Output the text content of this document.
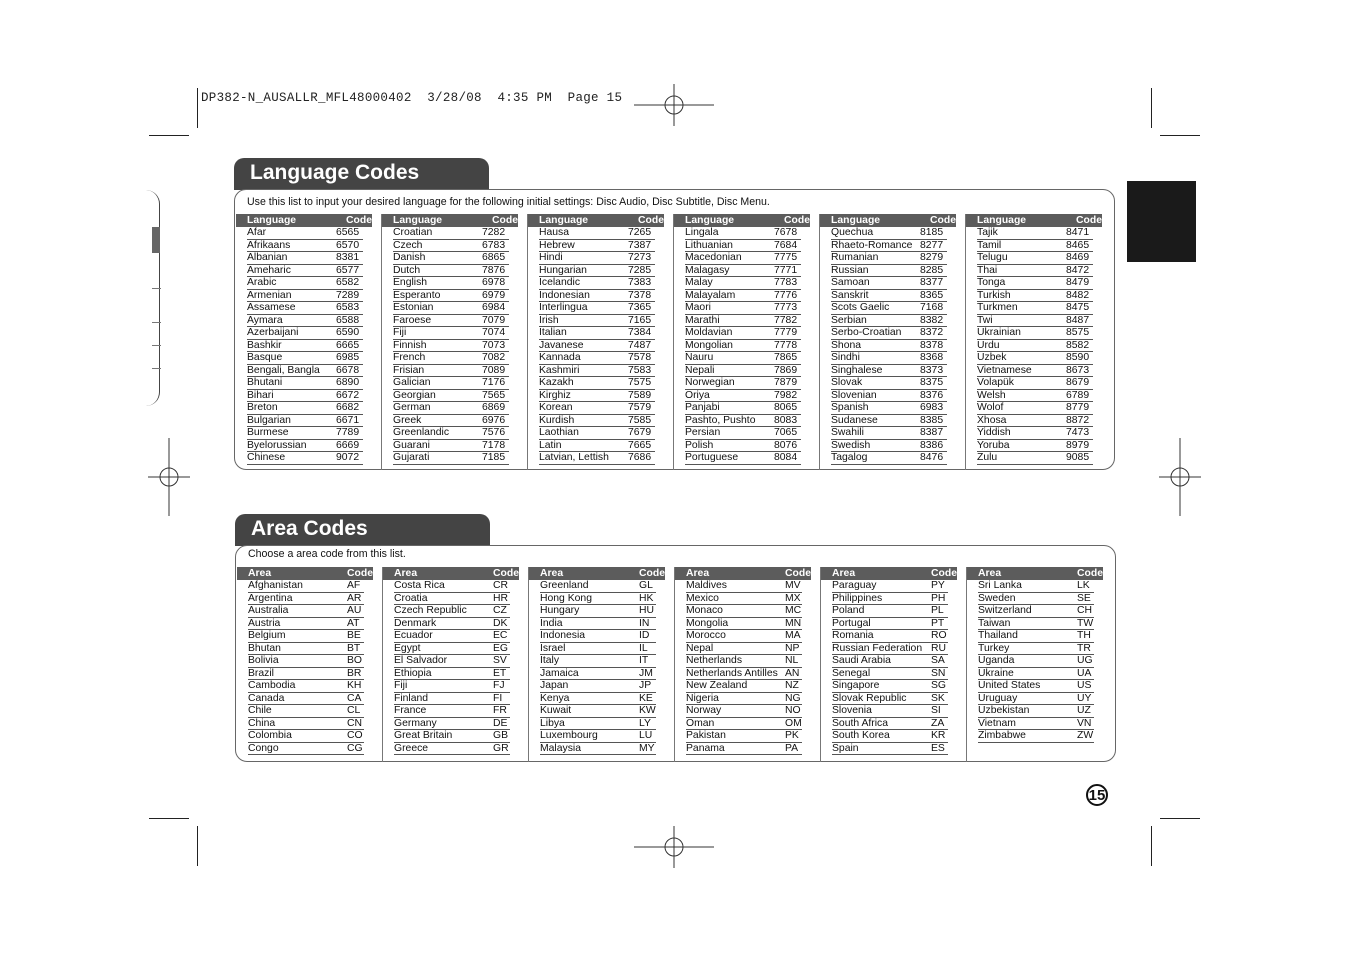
DP382-N_AUSALLR_MFL48000402  3/28/08  4:35 PM  Page 15
Language Codes
Use this list to input your desired language for the following initial settings: Disc Audio, Disc Subtitle, Disc Menu.
Language	Code
Afar	6565
Afrikaans	6570
Albanian	8381
Ameharic	6577
Arabic	6582
Armenian	7289
Assamese	6583
Aymara	6588
Azerbaijani	6590
Bashkir	6665
Basque	6985
Bengali, Bangla	6678
Bhutani	6890
Bihari	6672
Breton	6682
Bulgarian	6671
Burmese	7789
Byelorussian	6669
Chinese	9072
Language	Code
Croatian	7282
Czech	6783
Danish	6865
Dutch	7876
English	6978
Esperanto	6979
Estonian	6984
Faroese	7079
Fiji	7074
Finnish	7073
French	7082
Frisian	7089
Galician	7176
Georgian	7565
German	6869
Greek	6976
Greenlandic	7576
Guarani	7178
Gujarati	7185
Language	Code
Hausa	7265
Hebrew	7387
Hindi	7273
Hungarian	7285
Icelandic	7383
Indonesian	7378
Interlingua	7365
Irish	7165
Italian	7384
Javanese	7487
Kannada	7578
Kashmiri	7583
Kazakh	7575
Kirghiz	7589
Korean	7579
Kurdish	7585
Laothian	7679
Latin	7665
Latvian, Lettish	7686
Language	Code
Lingala	7678
Lithuanian	7684
Macedonian	7775
Malagasy	7771
Malay	7783
Malayalam	7776
Maori	7773
Marathi	7782
Moldavian	7779
Mongolian	7778
Nauru	7865
Nepali	7869
Norwegian	7879
Oriya	7982
Panjabi	8065
Pashto, Pushto	8083
Persian	7065
Polish	8076
Portuguese	8084
Language	Code
Quechua	8185
Rhaeto-Romance 8277
Rumanian	8279
Russian	8285
Samoan	8377
Sanskrit	8365
Scots Gaelic	7168
Serbian	8382
Serbo-Croatian	8372
Shona	8378
Sindhi	8368
Singhalese	8373
Slovak	8375
Slovenian	8376
Spanish	6983
Sudanese	8385
Swahili	8387
Swedish	8386
Tagalog	8476
Language	Code
Tajik	8471
Tamil	8465
Telugu	8469
Thai	8472
Tonga	8479
Turkish	8482
Turkmen	8475
Twi	8487
Ukrainian	8575
Urdu	8582
Uzbek	8590
Vietnamese	8673
Volapük	8679
Welsh	6789
Wolof	8779
Xhosa	8872
Yiddish	7473
Yoruba	8979
Zulu	9085
Area Codes
Choose a area code from this list.
Area	Code
Afghanistan	AF
Argentina	AR
Australia	AU
Austria	AT
Belgium	BE
Bhutan	BT
Bolivia	BO
Brazil	BR
Cambodia	KH
Canada	CA
Chile	CL
China	CN
Colombia	CO
Congo	CG
Area	Code
Costa Rica	CR
Croatia	HR
Czech Republic	CZ
Denmark	DK
Ecuador	EC
Egypt	EG
El Salvador	SV
Ethiopia	ET
Fiji	FJ
Finland	FI
France	FR
Germany	DE
Great Britain	GB
Greece	GR
Area	Code
Greenland	GL
Hong Kong	HK
Hungary	HU
India	IN
Indonesia	ID
Israel	IL
Italy	IT
Jamaica	JM
Japan	JP
Kenya	KE
Kuwait	KW
Libya	LY
Luxembourg	LU
Malaysia	MY
Area	Code
Maldives	MV
Mexico	MX
Monaco	MC
Mongolia	MN
Morocco	MA
Nepal	NP
Netherlands	NL
Netherlands Antilles AN
New Zealand	NZ
Nigeria	NG
Norway	NO
Oman	OM
Pakistan	PK
Panama	PA
Area	Code
Paraguay	PY
Philippines	PH
Poland	PL
Portugal	PT
Romania	RO
Russian Federation RU
Saudi Arabia	SA
Senegal	SN
Singapore	SG
Slovak Republic	SK
Slovenia	SI
South Africa	ZA
South Korea	KR
Spain	ES
Area	Code
Sri Lanka	LK
Sweden	SE
Switzerland	CH
Taiwan	TW
Thailand	TH
Turkey	TR
Uganda	UG
Ukraine	UA
United States	US
Uruguay	UY
Uzbekistan	UZ
Vietnam	VN
Zimbabwe	ZW
15
